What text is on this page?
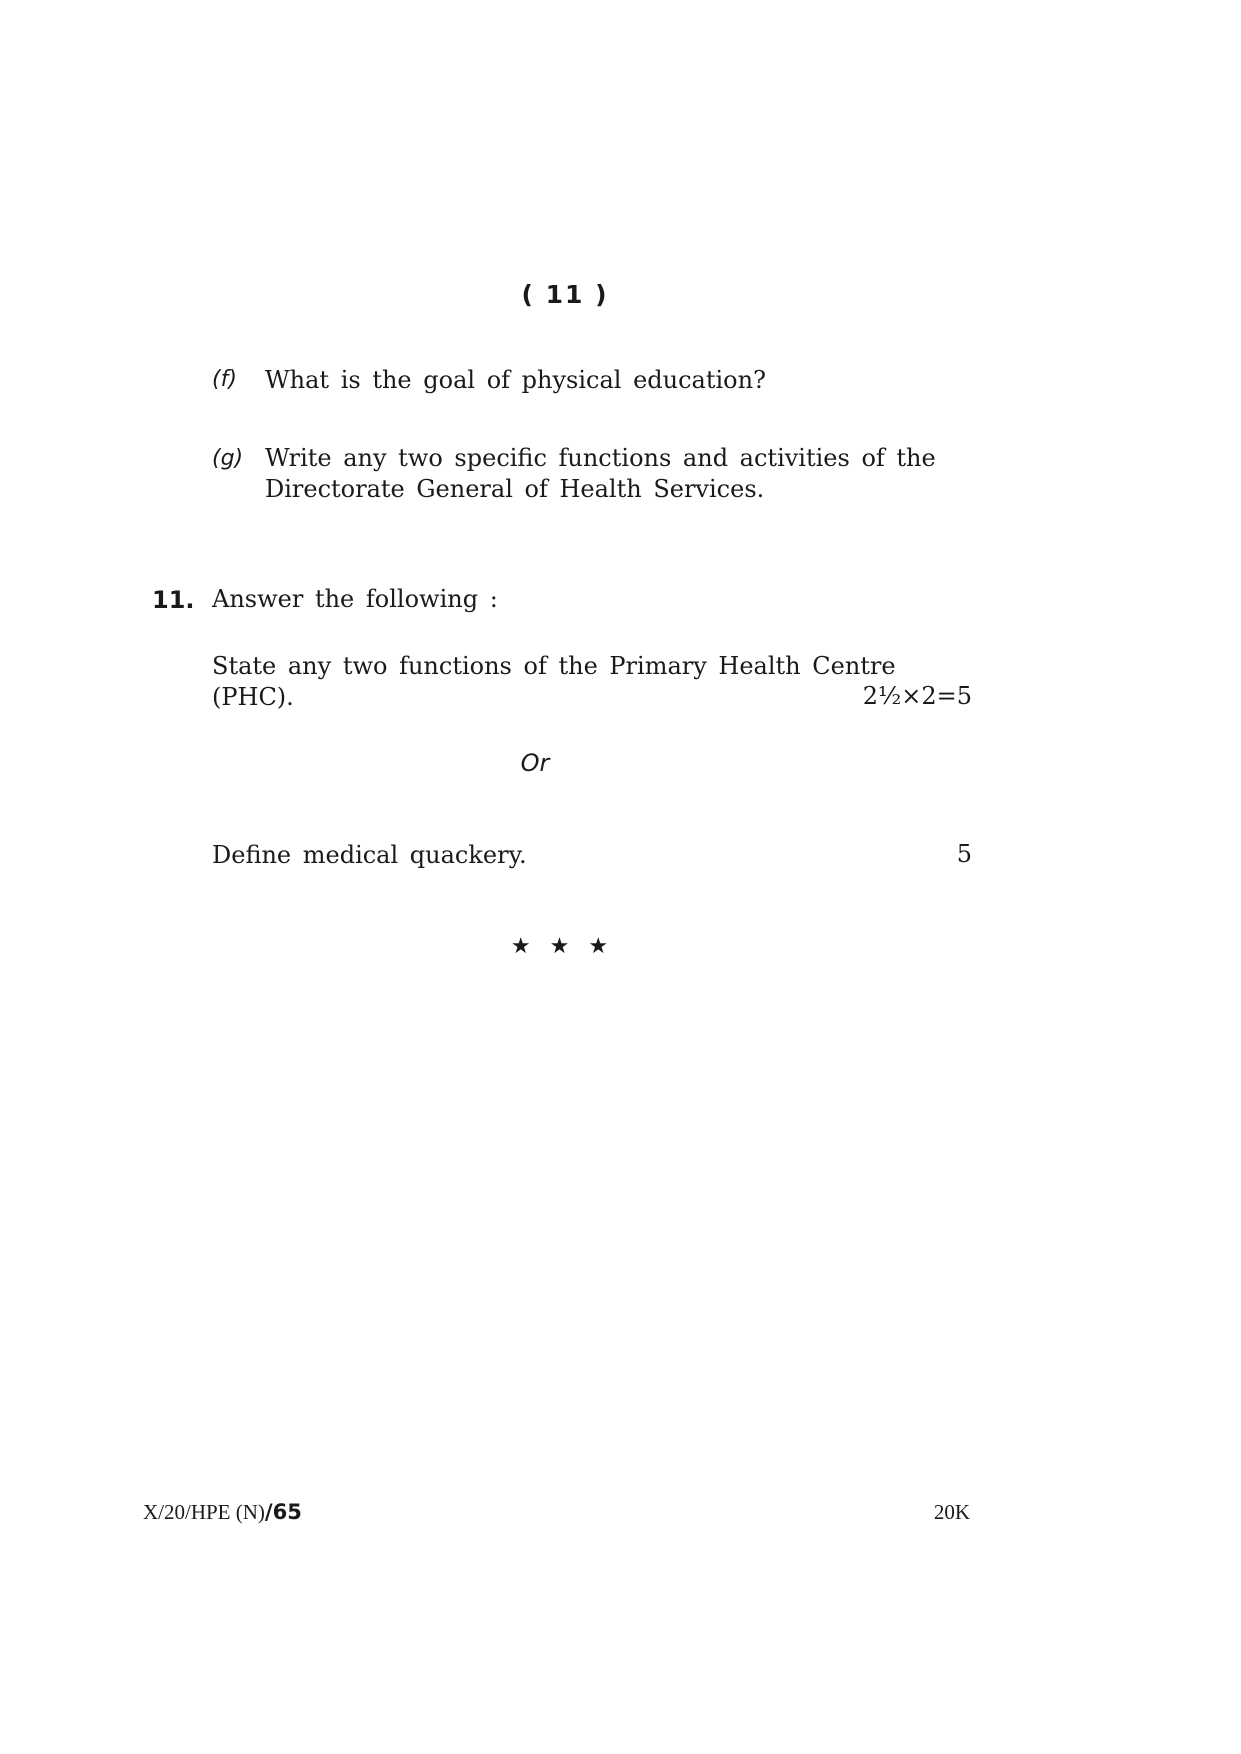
( 11 )
(f) What is the goal of physical education?
(g) Write any two specific functions and activities of the
Directorate General of Health Services.
11. Answer the following :
State any two functions of the Primary Health Centre
(PHC).	2½×2=5
Or
Define medical quackery.	5
★ ★ ★
X/20/HPE (N)/65	20K
